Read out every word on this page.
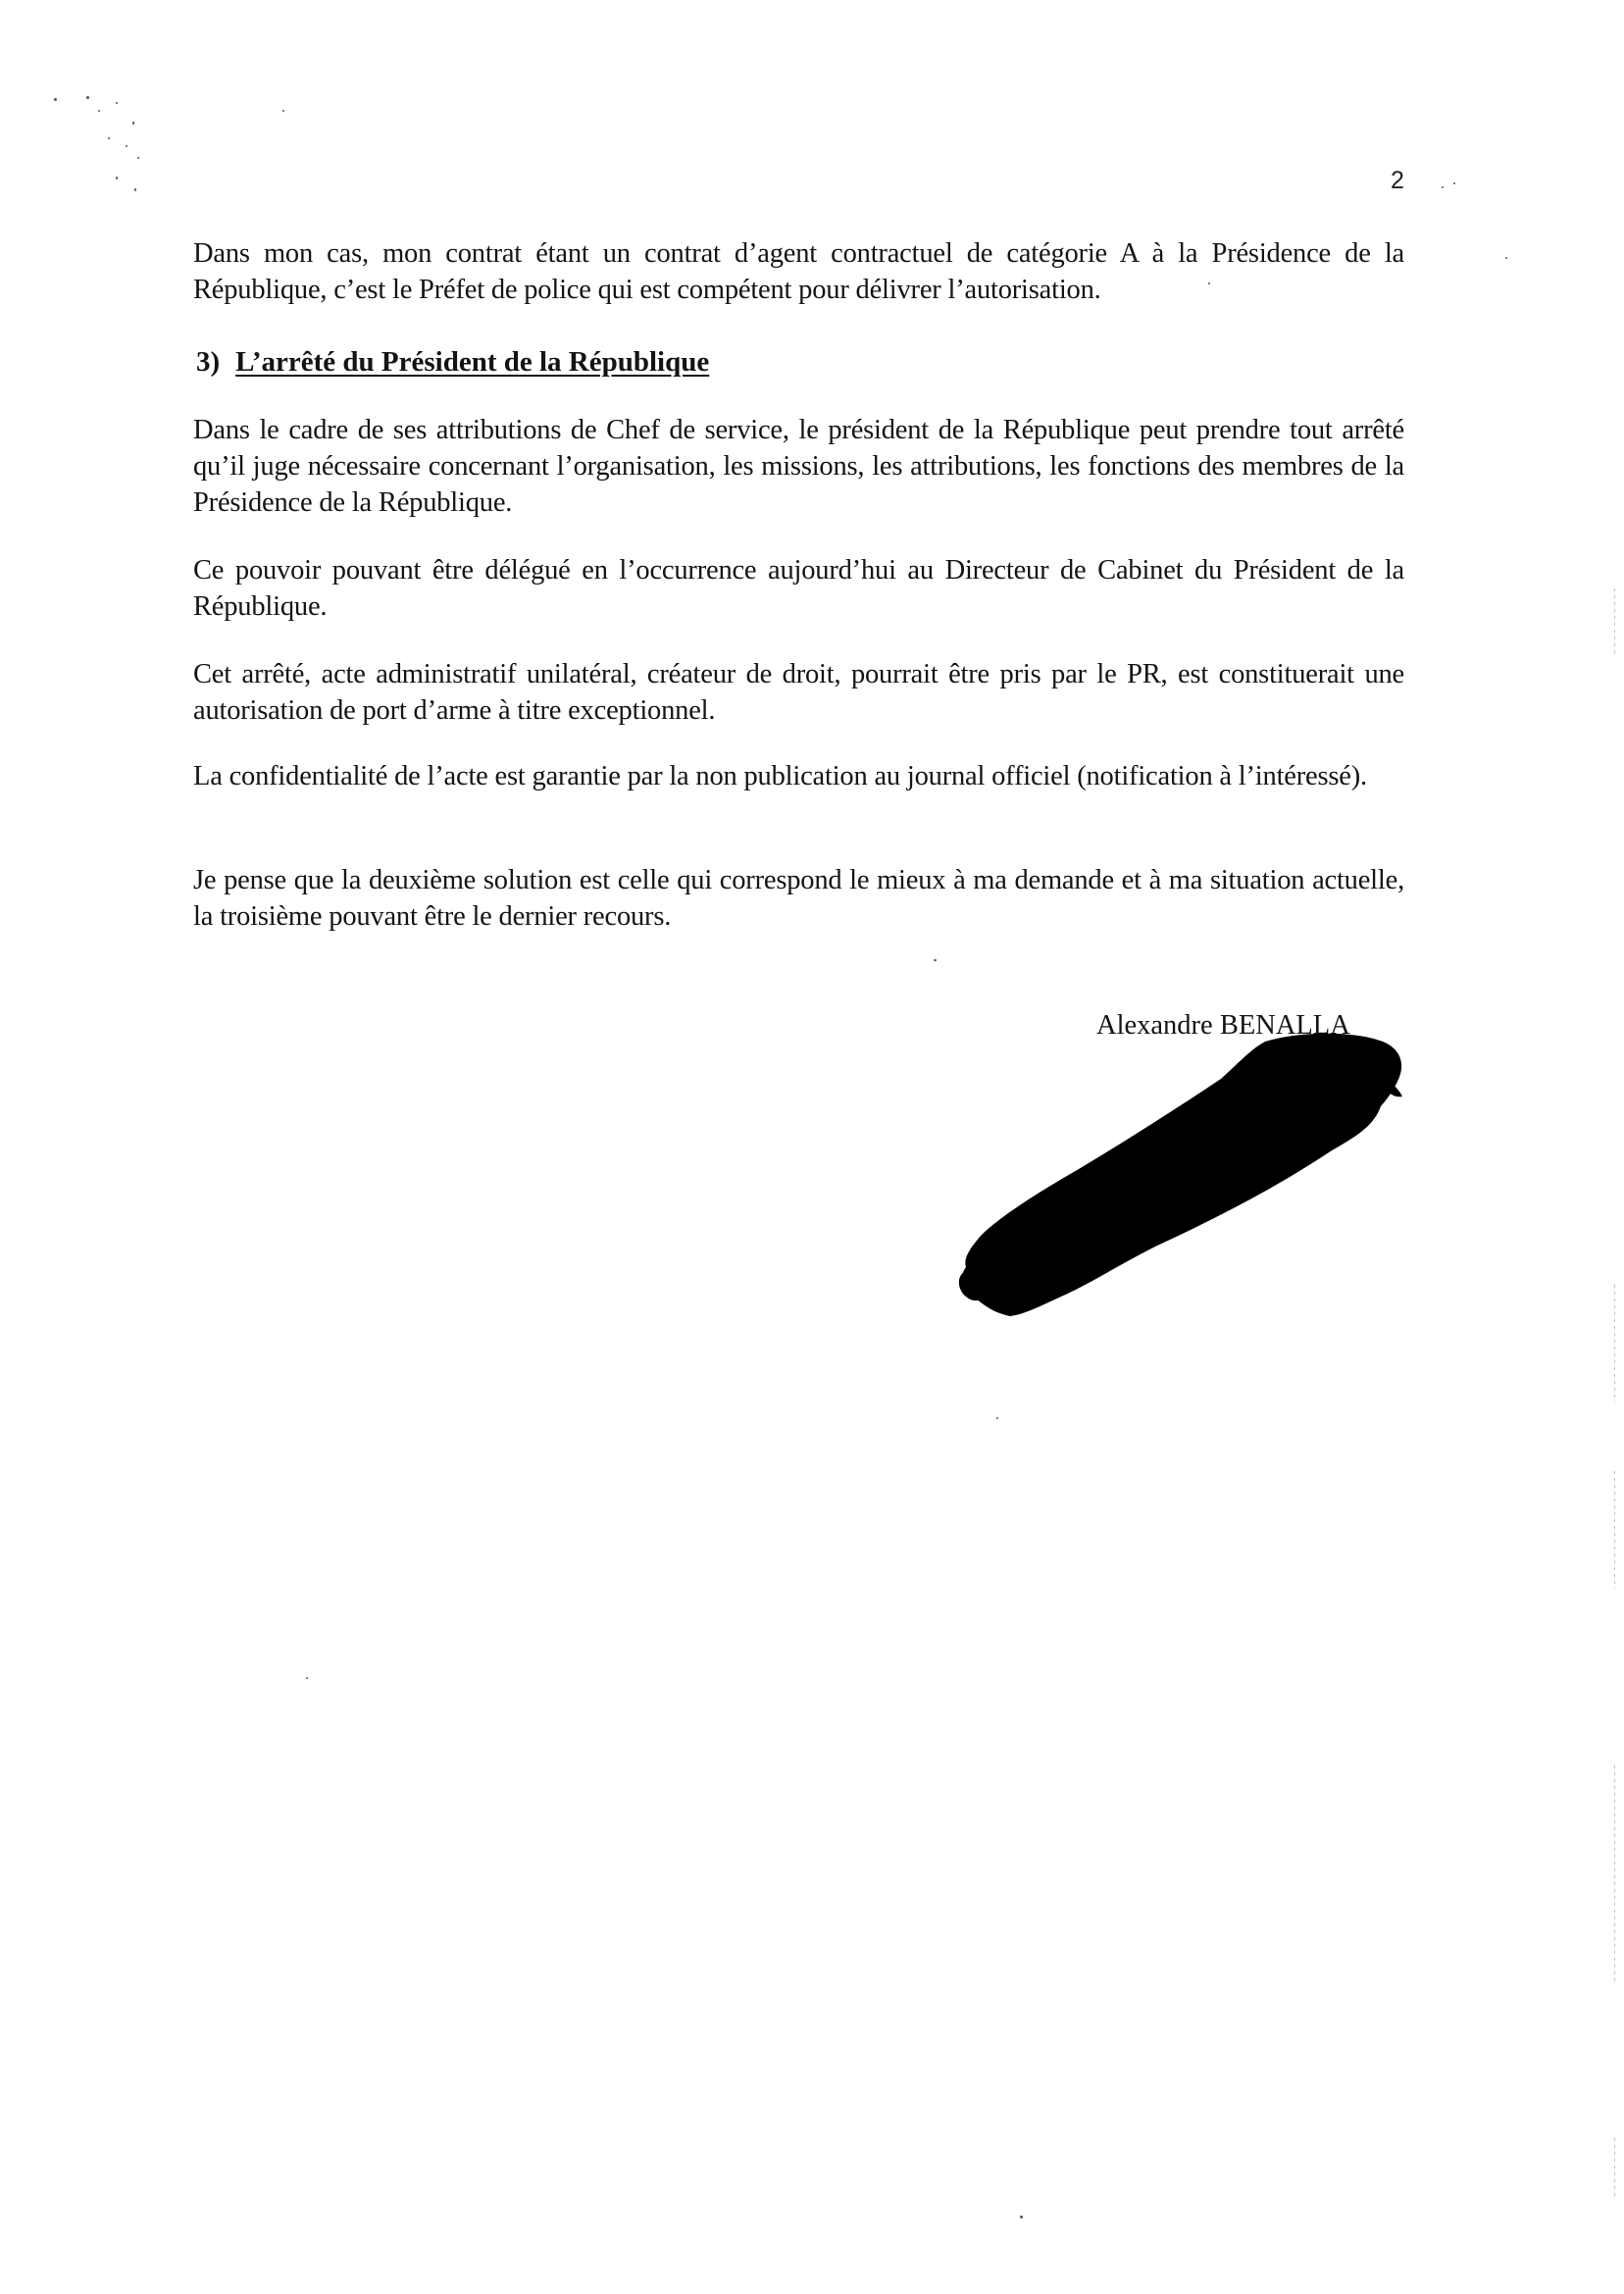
2

Dans mon cas, mon contrat étant un contrat d’agent contractuel de catégorie A à la Présidence de la République, c’est le Préfet de police qui est compétent pour délivrer l’autorisation.

3) L’arrêté du Président de la République

Dans le cadre de ses attributions de Chef de service, le président de la République peut prendre tout arrêté qu’il juge nécessaire concernant l’organisation, les missions, les attributions, les fonctions des membres de la Présidence de la République.

Ce pouvoir pouvant être délégué en l’occurrence aujourd’hui au Directeur de Cabinet du Président de la République.

Cet arrêté, acte administratif unilatéral, créateur de droit, pourrait être pris par le PR, est constituerait une autorisation de port d’arme à titre exceptionnel.

La confidentialité de l’acte est garantie par la non publication au journal officiel (notification à l’intéressé).

Je pense que la deuxième solution est celle qui correspond le mieux à ma demande et à ma situation actuelle, la troisième pouvant être le dernier recours.

Alexandre BENALLA
